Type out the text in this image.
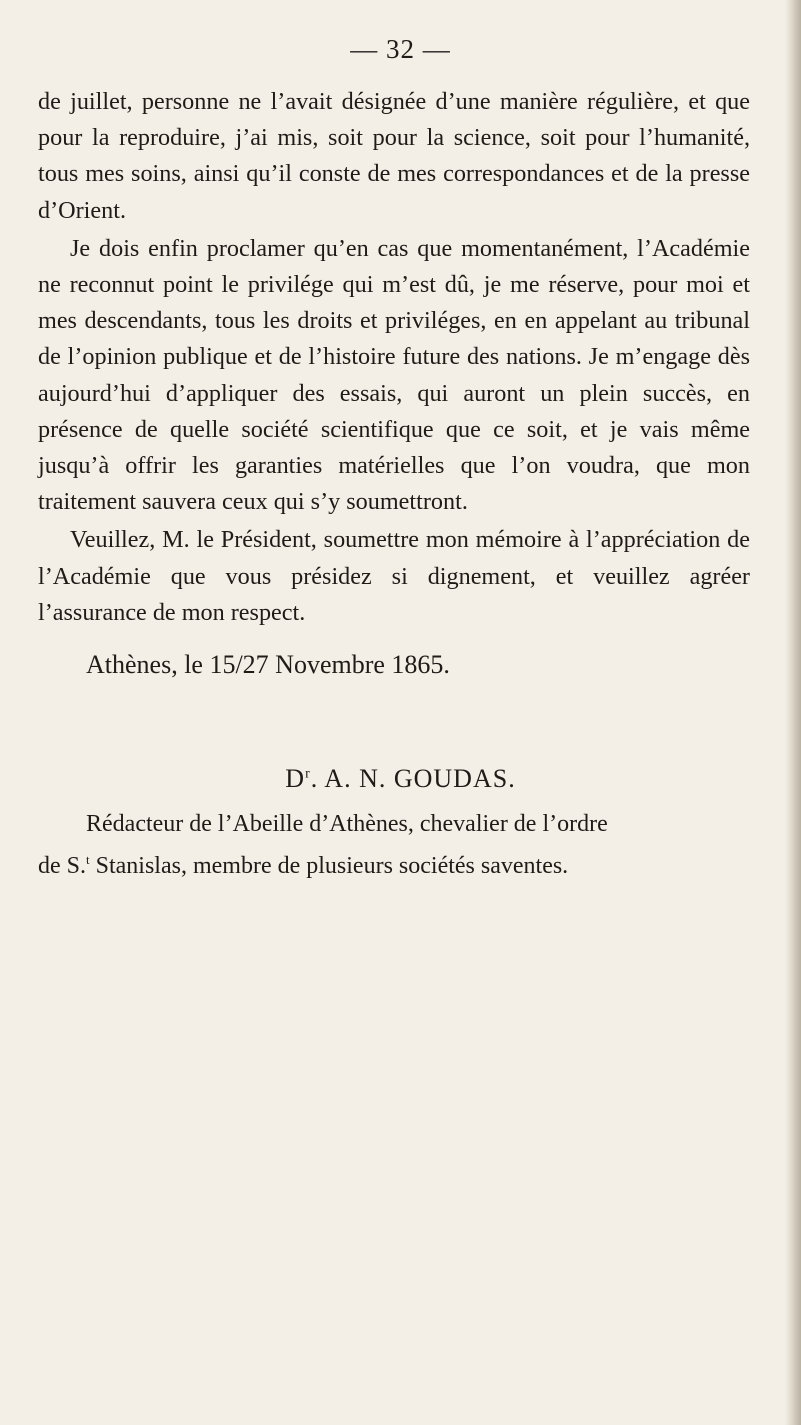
— 32 —

de juillet, personne ne l’avait désignée d’une manière régulière, et que pour la reproduire, j’ai mis, soit pour la science, soit pour l’humanité, tous mes soins, ainsi qu’il conste de mes correspondances et de la presse d’Orient.

Je dois enfin proclamer qu’en cas que momentanément, l’Académie ne reconnut point le privilége qui m’est dû, je me réserve, pour moi et mes descendants, tous les droits et priviléges, en en appelant au tribunal de l’opinion publique et de l’histoire future des nations. Je m’engage dès aujourd’hui d’appliquer des essais, qui auront un plein succès, en présence de quelle société scientifique que ce soit, et je vais même jusqu’à offrir les garanties matérielles que l’on voudra, que mon traitement sauvera ceux qui s’y soumettront.

Veuillez, M. le Président, soumettre mon mémoire à l’appréciation de l’Académie que vous présidez si dignement, et veuillez agréer l’assurance de mon respect.

Athènes, le 15/27 Novembre 1865.
$D^r$. A. N. GOUDAS.
Rédacteur de l’Abeille d’Athènes, chevalier de l’ordre
de S.$^t$ Stanislas, membre de plusieurs sociétés saventes.
